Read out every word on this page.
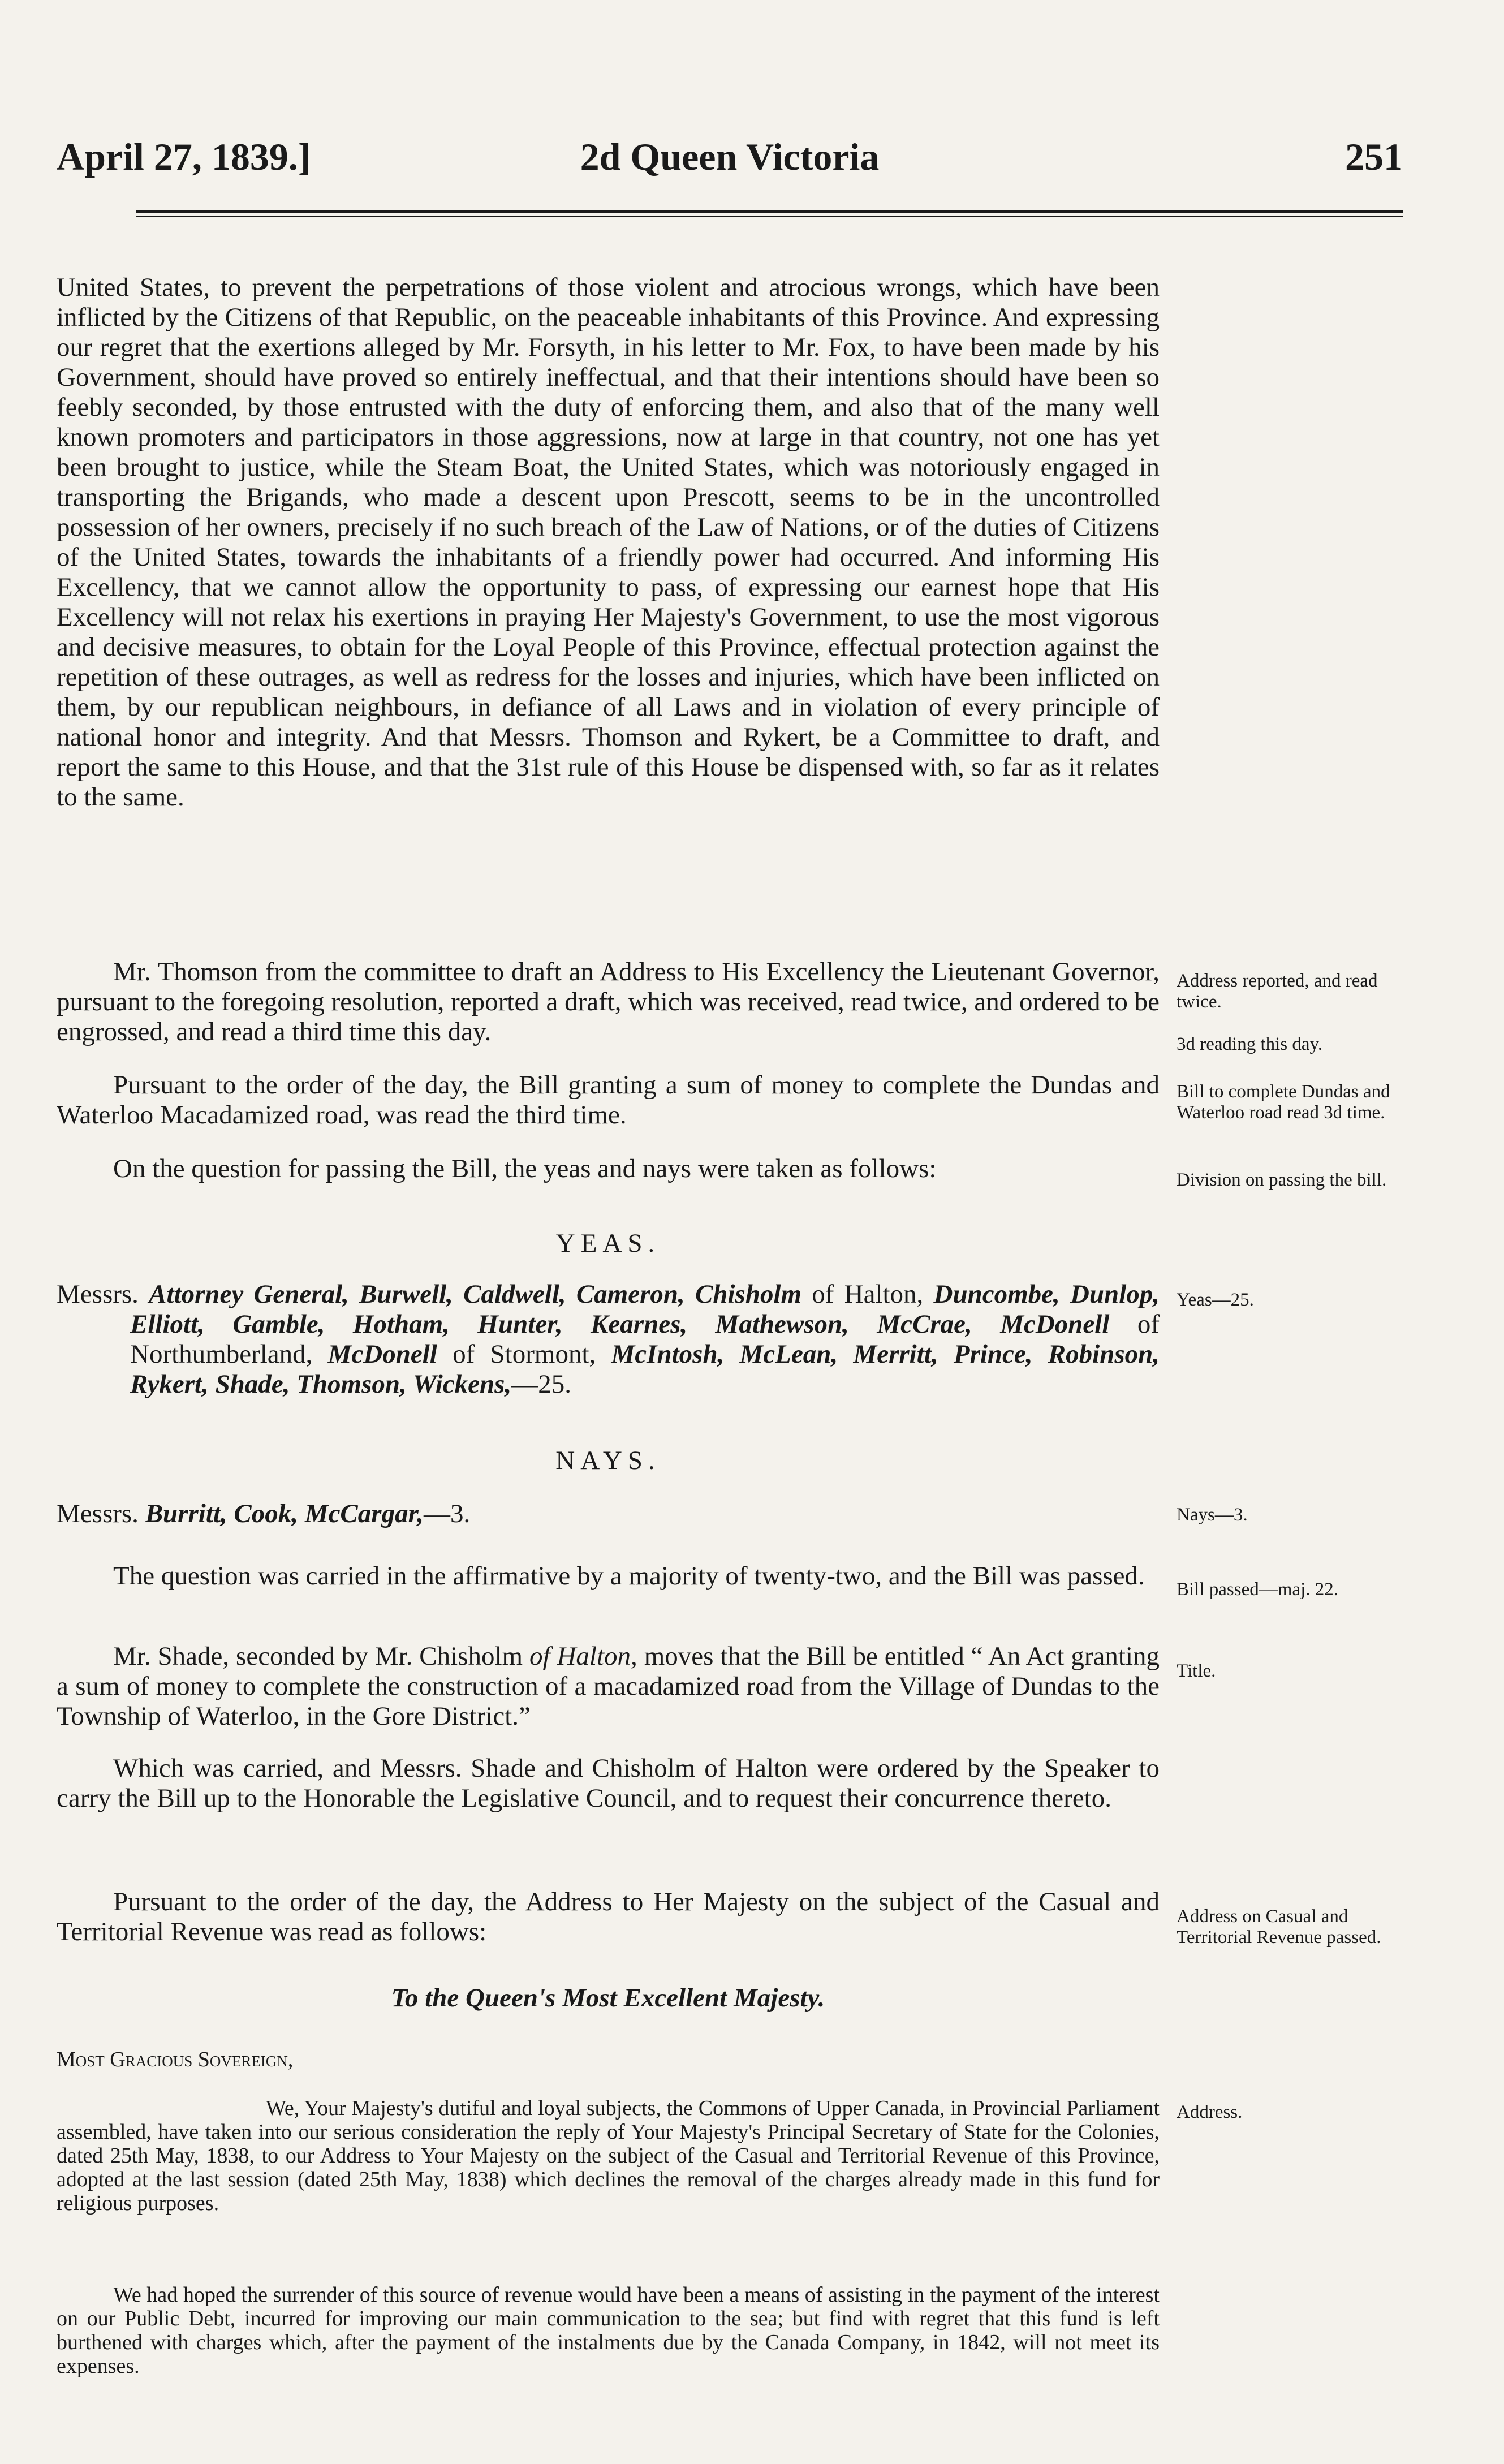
April 27, 1839.]	2d Queen Victoria	251

United States, to prevent the perpetrations of those violent and atrocious wrongs, which have been inflicted by the Citizens of that Republic, on the peaceable inhabitants of this Province. And expressing our regret that the exertions alleged by Mr. Forsyth, in his letter to Mr. Fox, to have been made by his Government, should have proved so entirely ineffectual, and that their intentions should have been so feebly seconded, by those entrusted with the duty of enforcing them, and also that of the many well known promoters and participators in those aggressions, now at large in that country, not one has yet been brought to justice, while the Steam Boat, the United States, which was notoriously engaged in transporting the Brigands, who made a descent upon Prescott, seems to be in the uncontrolled possession of her owners, precisely if no such breach of the Law of Nations, or of the duties of Citizens of the United States, towards the inhabitants of a friendly power had occurred. And informing His Excellency, that we cannot allow the opportunity to pass, of expressing our earnest hope that His Excellency will not relax his exertions in praying Her Majesty's Government, to use the most vigorous and decisive measures, to obtain for the Loyal People of this Province, effectual protection against the repetition of these outrages, as well as redress for the losses and injuries, which have been inflicted on them, by our republican neighbours, in defiance of all Laws and in violation of every principle of national honor and integrity. And that Messrs. Thomson and Rykert, be a Committee to draft, and report the same to this House, and that the 31st rule of this House be dispensed with, so far as it relates to the same.

Mr. Thomson from the committee to draft an Address to His Excellency the Lieutenant Governor, pursuant to the foregoing resolution, reported a draft, which was received, read twice, and ordered to be engrossed, and read a third time this day.

Address reported, and read twice.
3d reading this day.

Pursuant to the order of the day, the Bill granting a sum of money to complete the Dundas and Waterloo Macadamized road, was read the third time.

Bill to complete Dundas and Waterloo road read 3d time.

On the question for passing the Bill, the yeas and nays were taken as follows:	Division on passing the bill.

YEAS.

Messrs. Attorney General, Burwell, Caldwell, Cameron, Chisholm of Halton, Duncombe, Dunlop, Elliott, Gamble, Hotham, Hunter, Kearnes, Mathewson, McCrae, McDonell of Northumberland, McDonell of Stormont, McIntosh, McLean, Merritt, Prince, Robinson, Rykert, Shade, Thomson, Wickens,—25.

Yeas—25.

NAYS.

Messrs. Burritt, Cook, McCargar,—3.	Nays—3.

The question was carried in the affirmative by a majority of twenty-two, and the Bill was passed.	Bill passed—maj. 22.

Mr. Shade, seconded by Mr. Chisholm of Halton, moves that the Bill be entitled “ An Act granting a sum of money to complete the construction of a macadamized road from the Village of Dundas to the Township of Waterloo, in the Gore District.”

Title.

Which was carried, and Messrs. Shade and Chisholm of Halton were ordered by the Speaker to carry the Bill up to the Honorable the Legislative Council, and to request their concurrence thereto.

Pursuant to the order of the day, the Address to Her Majesty on the subject of the Casual and Territorial Revenue was read as follows:

Address on Casual and Territorial Revenue passed.

To the Queen's Most Excellent Majesty.

Most Gracious Sovereign,

We, Your Majesty's dutiful and loyal subjects, the Commons of Upper Canada, in Provincial Parliament assembled, have taken into our serious consideration the reply of Your Majesty's Principal Secretary of State for the Colonies, dated 25th May, 1838, to our Address to Your Majesty on the subject of the Casual and Territorial Revenue of this Province, adopted at the last session (dated 25th May, 1838) which declines the removal of the charges already made in this fund for religious purposes.

Address.

We had hoped the surrender of this source of revenue would have been a means of assisting in the payment of the interest on our Public Debt, incurred for improving our main communication to the sea; but find with regret that this fund is left burthened with charges which, after the payment of the instalments due by the Canada Company, in 1842, will not meet its expenses.
